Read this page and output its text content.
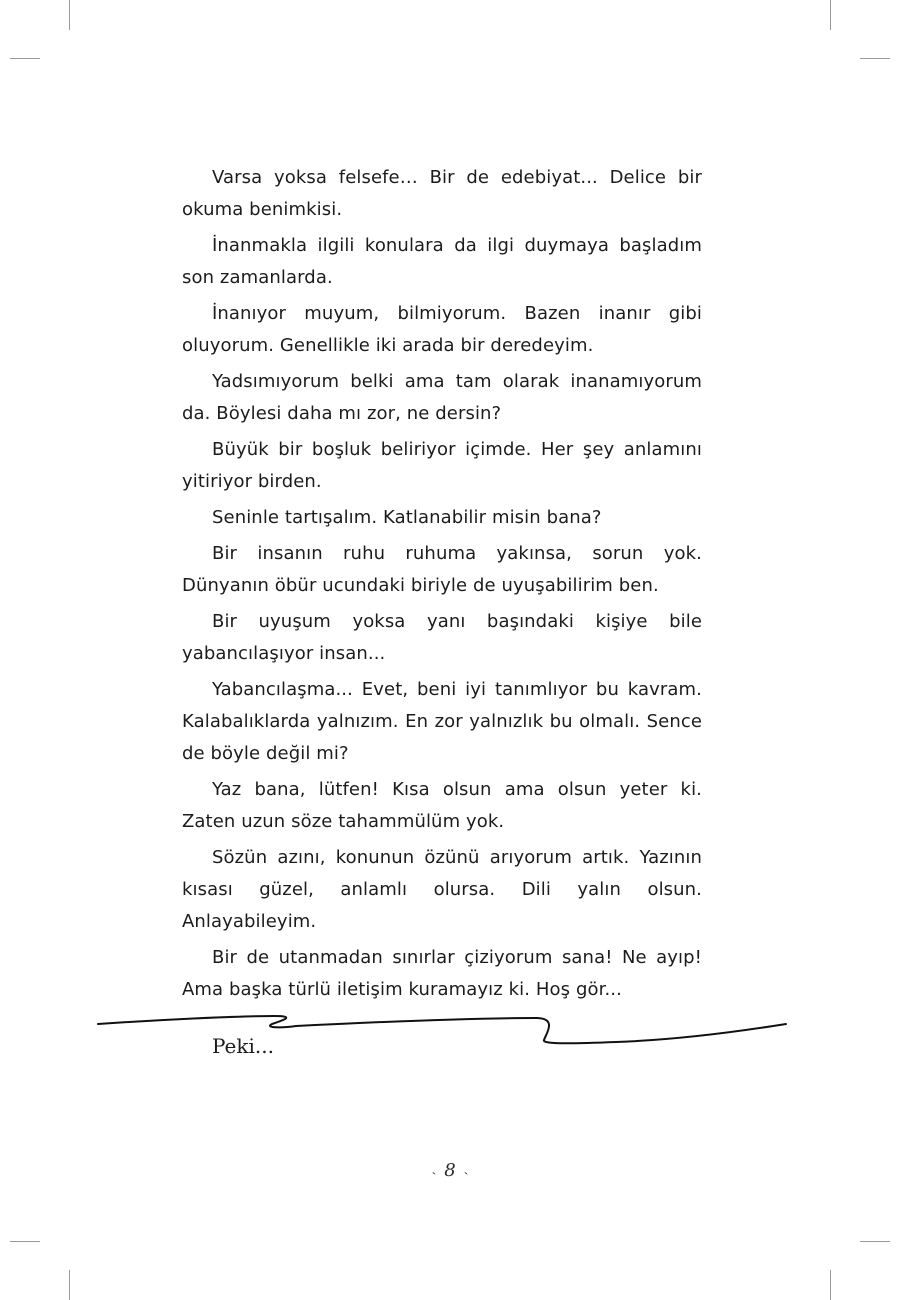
Varsa yoksa felsefe… Bir de edebiyat... Delice bir okuma benimkisi.

İnanmakla ilgili konulara da ilgi duymaya başladım son zamanlarda.

İnanıyor muyum, bilmiyorum. Bazen inanır gibi oluyorum. Genellikle iki arada bir deredeyim.

Yadsımıyorum belki ama tam olarak inanamıyorum da. Böylesi daha mı zor, ne dersin?

Büyük bir boşluk beliriyor içimde. Her şey anlamını yitiriyor birden.

Seninle tartışalım. Katlanabilir misin bana?

Bir insanın ruhu ruhuma yakınsa, sorun yok. Dünyanın öbür ucundaki biriyle de uyuşabilirim ben.

Bir uyuşum yoksa yanı başındaki kişiye bile yabancılaşıyor insan...

Yabancılaşma... Evet, beni iyi tanımlıyor bu kavram. Kalabalıklarda yalnızım. En zor yalnızlık bu olmalı. Sence de böyle değil mi?

Yaz bana, lütfen! Kısa olsun ama olsun yeter ki. Zaten uzun söze tahammülüm yok.

Sözün azını, konunun özünü arıyorum artık. Yazının kısası güzel, anlamlı olursa. Dili yalın olsun. Anlayabileyim.

Bir de utanmadan sınırlar çiziyorum sana! Ne ayıp! Ama başka türlü iletişim kuramayız ki. Hoş gör...

Peki...
˴ 8 ˴
